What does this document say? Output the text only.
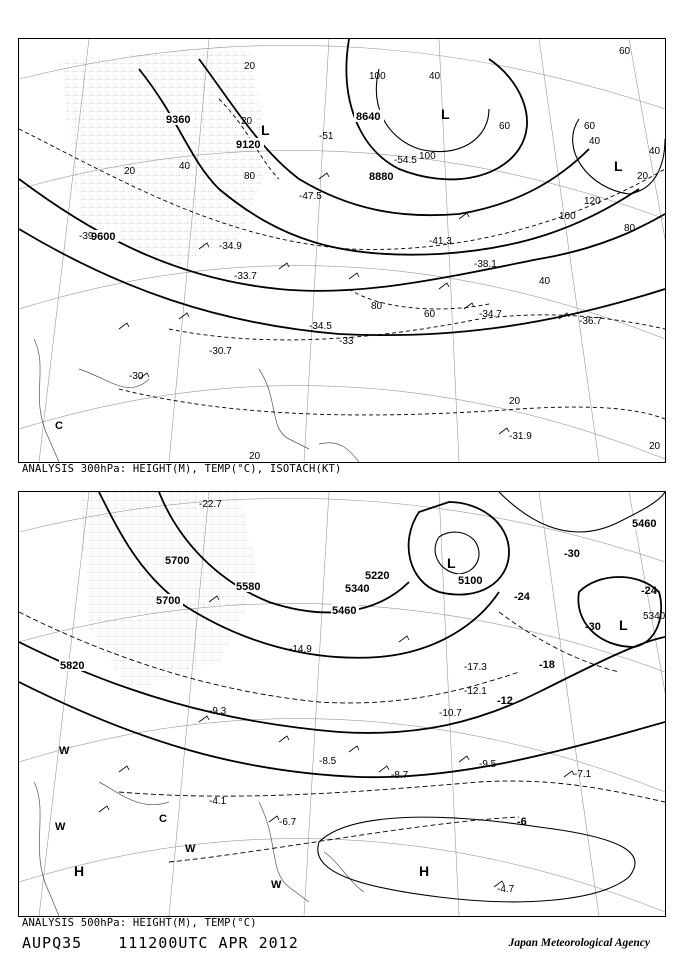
9360
9120
8640
8880
9600
20
20
40
40
60
80
100
120
100
80
60
40
20
20
80
60
20
20
40
60
40
100
20
L
L
L
C
-51
-54.5
-47.5
-41.3
-38.1
-34.9
-33.7
-34.5
-34.7
-30.7
-36.7
-31.9
-30
-33
-39
ANALYSIS 300hPa: HEIGHT(M), TEMP(°C), ISOTACH(KT)
5700
5700
5580
5460
5340
5220	5100
5460
5340
5820
-30
-24
-18
-12
-6
-24
-30
L
L
H	H
W
W
W
W
C
-22.7
-14.9
-17.3
-9.3
-8.5
-8.7
-9.5
-7.1
-4.7
-6.7
-4.1
-10.7
-12.1
ANALYSIS 500hPa: HEIGHT(M), TEMP(°C)
AUPQ35 111200UTC APR 2012	Japan Meteorological Agency
